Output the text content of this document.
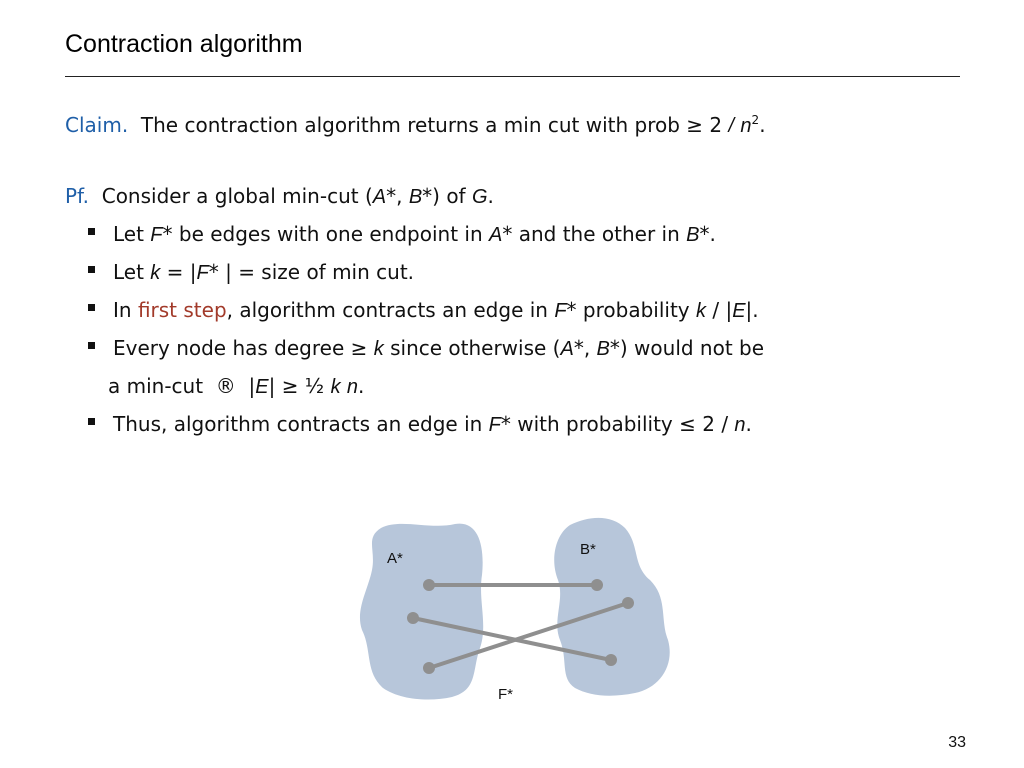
Contraction algorithm
Claim. The contraction algorithm returns a min cut with prob ≥ $2 / n^2$.
Pf. Consider a global min-cut (A*, B*) of G.
Let F* be edges with one endpoint in A* and the other in B*.
Let k = |F* | = size of min cut.
In first step, algorithm contracts an edge in F* probability k / |E|.
Every node has degree ≥ k since otherwise (A*, B*) would not be
a min-cut ® |E| ≥ ½ k n.
Thus, algorithm contracts an edge in F* with probability ≤ 2 / n.
A*
B*
F*
33
